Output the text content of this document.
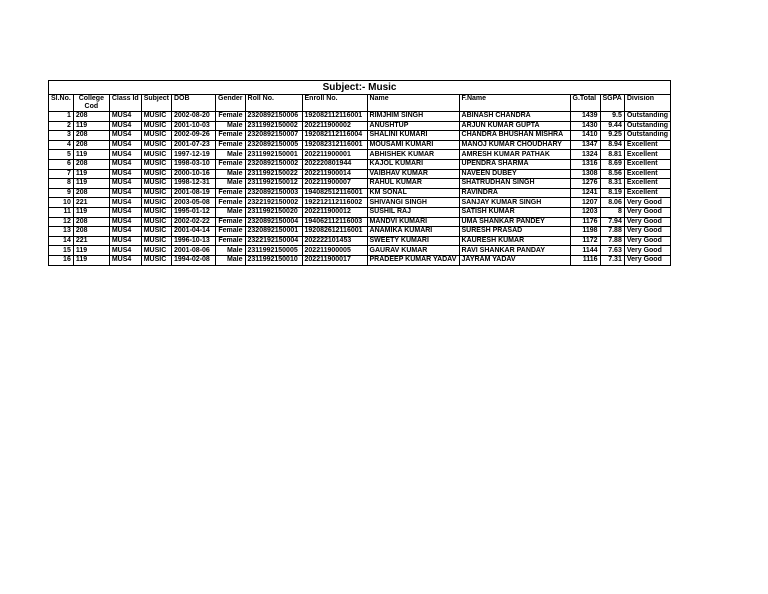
Subject:- Music												
Sl.No.	College Cod	Class Id	Subject	DOB	Gender	Roll No.	Enroll No.	Name	F.Name	G.Total	SGPA	Division
1	208	MUS4	MUSIC	2002-08-20	Female	2320892150006	192082112116001	RIMJHIM SINGH	ABINASH CHANDRA	1439	9.5	Outstanding
2	119	MUS4	MUSIC	2001-10-03	Male	2311992150002	202211900002	ANUSHTUP	ARJUN KUMAR GUPTA	1430	9.44	Outstanding
3	208	MUS4	MUSIC	2002-09-26	Female	2320892150007	192082112116004	SHALINI KUMARI	CHANDRA BHUSHAN MISHRA	1410	9.25	Outstanding
4	208	MUS4	MUSIC	2001-07-23	Female	2320892150005	192082312116001	MOUSAMI KUMARI	MANOJ KUMAR CHOUDHARY	1347	8.94	Excellent
5	119	MUS4	MUSIC	1997-12-19	Male	2311992150001	202211900001	ABHISHEK KUMAR	AMRESH KUMAR PATHAK	1324	8.81	Excellent
6	208	MUS4	MUSIC	1998-03-10	Female	2320892150002	202220801944	KAJOL KUMARI	UPENDRA SHARMA	1316	8.69	Excellent
7	119	MUS4	MUSIC	2000-10-16	Male	2311992150022	202211900014	VAIBHAV KUMAR	NAVEEN DUBEY	1308	8.56	Excellent
8	119	MUS4	MUSIC	1998-12-31	Male	2311992150012	202211900007	RAHUL KUMAR	SHATRUDHAN SINGH	1276	8.31	Excellent
9	208	MUS4	MUSIC	2001-08-19	Female	2320892150003	194082512116001	KM SONAL	RAVINDRA	1241	8.19	Excellent
10	221	MUS4	MUSIC	2003-05-08	Female	2322192150002	192212112116002	SHIVANGI SINGH	SANJAY KUMAR SINGH	1207	8.06	Very Good
11	119	MUS4	MUSIC	1995-01-12	Male	2311992150020	202211900012	SUSHIL RAJ	SATISH KUMAR	1203	8	Very Good
12	208	MUS4	MUSIC	2002-02-22	Female	2320892150004	194062112116003	MANDVI KUMARI	UMA SHANKAR PANDEY	1176	7.94	Very Good
13	208	MUS4	MUSIC	2001-04-14	Female	2320892150001	192082612116001	ANAMIKA KUMARI	SURESH PRASAD	1198	7.88	Very Good
14	221	MUS4	MUSIC	1996-10-13	Female	2322192150004	202222101453	SWEETY KUMARI	KAURESH KUMAR	1172	7.88	Very Good
15	119	MUS4	MUSIC	2001-08-06	Male	2311992150005	202211900005	GAURAV KUMAR	RAVI SHANKAR PANDAY	1144	7.63	Very Good
16	119	MUS4	MUSIC	1994-02-08	Male	2311992150010	202211900017	PRADEEP KUMAR YADAV	JAYRAM YADAV	1116	7.31	Very Good
